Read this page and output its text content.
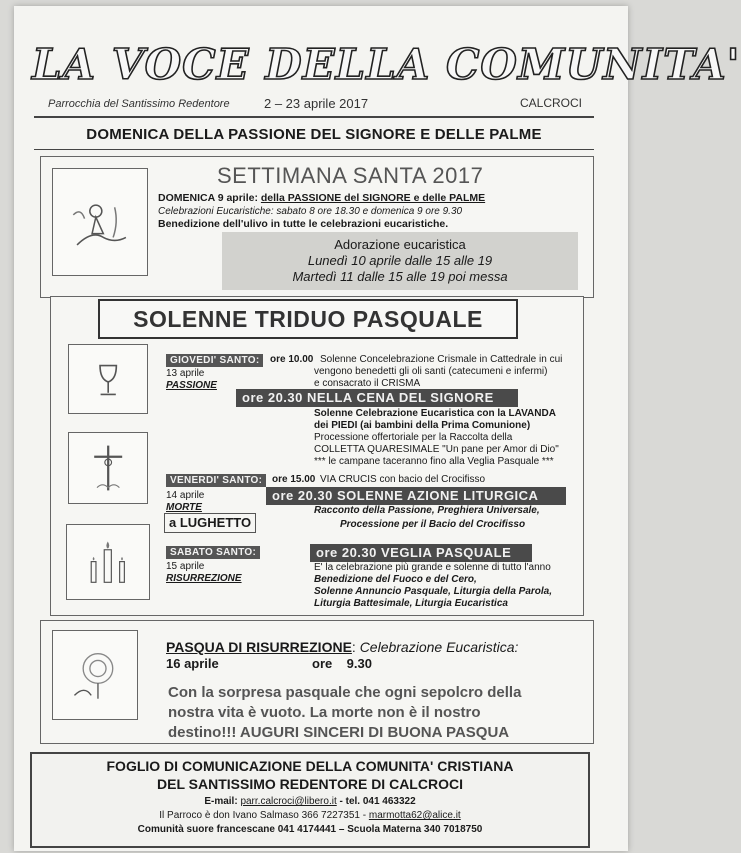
LA VOCE DELLA COMUNITA'
Parrocchia del Santissimo Redentore	2 – 23 aprile 2017	CALCROCI
DOMENICA DELLA PASSIONE DEL SIGNORE E DELLE PALME
SETTIMANA SANTA 2017
DOMENICA 9 aprile: della PASSIONE del SIGNORE e delle PALME
Celebrazioni Eucaristiche: sabato 8 ore 18.30 e domenica 9 ore 9.30
Benedizione dell'ulivo in tutte le celebrazioni eucaristiche.
Adorazione eucaristica
Lunedì 10 aprile dalle 15 alle 19
Martedì 11 dalle 15 alle 19 poi messa
SOLENNE TRIDUO PASQUALE
GIOVEDI' SANTO:
13 aprile
PASSIONE
ore 10.00 Solenne Concelebrazione Crismale in Cattedrale in cui
vengono benedetti gli oli santi (catecumeni e infermi)
e consacrato il CRISMA
ore 20.30 NELLA CENA DEL SIGNORE
Solenne Celebrazione Eucaristica con la LAVANDA
dei PIEDI (ai bambini della Prima Comunione)
Processione offertoriale per la Raccolta della
COLLETTA QUARESIMALE "Un pane per Amor di Dio"
*** le campane taceranno fino alla Veglia Pasquale ***
VENERDI' SANTO: ore 15.00 VIA CRUCIS con bacio del Crocifisso
14 aprile
MORTE
a LUGHETTO
ore 20.30 SOLENNE AZIONE LITURGICA
Racconto della Passione, Preghiera Universale,
Processione per il Bacio del Crocifisso
SABATO SANTO:
15 aprile
RISURREZIONE
ore 20.30 VEGLIA PASQUALE
E' la celebrazione più grande e solenne di tutto l'anno
Benedizione del Fuoco e del Cero,
Solenne Annuncio Pasquale, Liturgia della Parola,
Liturgia Battesimale, Liturgia Eucaristica
PASQUA DI RISURREZIONE: Celebrazione Eucaristica:
16 aprile	ore    9.30
Con la sorpresa pasquale che ogni sepolcro della
nostra vita è vuoto. La morte non è il nostro
destino!!! AUGURI SINCERI DI BUONA PASQUA
FOGLIO DI COMUNICAZIONE DELLA COMUNITA' CRISTIANA
DEL SANTISSIMO REDENTORE DI CALCROCI
E-mail: parr.calcroci@libero.it - tel. 041 463322
Il Parroco è don Ivano Salmaso 366 7227351 - marmotta62@alice.it
Comunità suore francescane 041 4174441 – Scuola Materna 340 7018750
